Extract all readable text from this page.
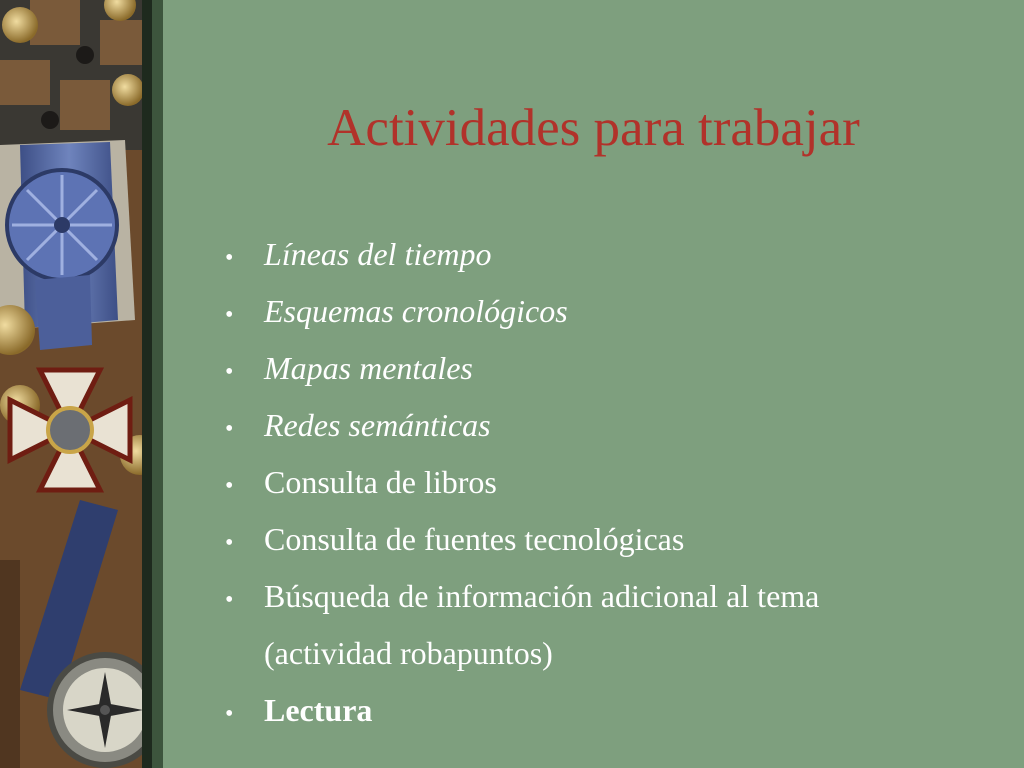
Actividades para trabajar
• Líneas del tiempo
• Esquemas cronológicos
• Mapas mentales
• Redes semánticas
• Consulta de libros
• Consulta de fuentes tecnológicas
• Búsqueda de información adicional al tema
(actividad robapuntos)
• Lectura
